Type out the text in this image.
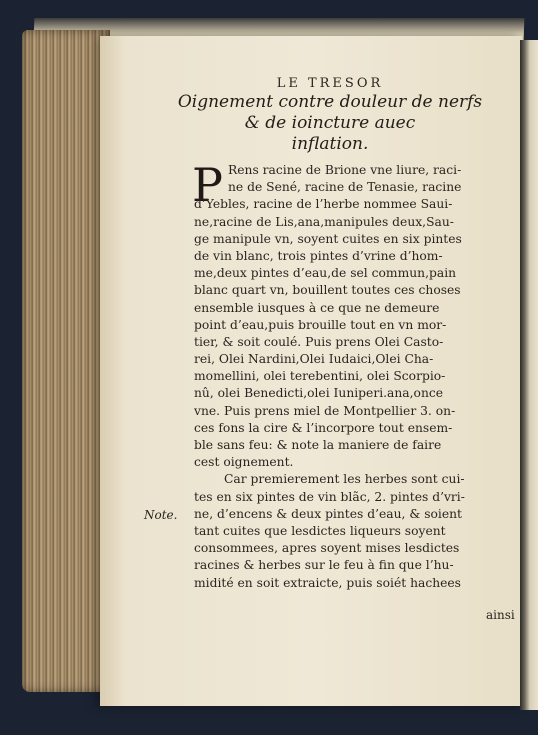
LE TRESOR
Oignement contre douleur de nerfs
& de ioincture auec
inflation.
P Rens racine de Brione vne liure, raci-
ne de Sené, racine de Tenasie, racine
d’Yebles, racine de l’herbe nommee Saui-
ne,racine de Lis,ana,manipules deux,Sau-
ge manipule vn, soyent cuites en six pintes
de vin blanc, trois pintes d’vrine d’hom-
me,deux pintes d’eau,de sel commun,pain
blanc quart vn, bouillent toutes ces choses
ensemble iusques à ce que ne demeure
point d’eau,puis brouille tout en vn mor-
tier, & soit coulé. Puis prens Olei Casto-
rei, Olei Nardini,Olei Iudaici,Olei Cha-
momellini, olei terebentini, olei Scorpio-
nû, olei Benedicti,olei Iuniperi.ana,once
vne. Puis prens miel de Montpellier 3. on-
ces fons la cire & l’incorpore tout ensem-
ble sans feu: & note la maniere de faire
cest oignement.
Car premierement les herbes sont cui-
tes en six pintes de vin blãc, 2. pintes d’vri-
ne, d’encens & deux pintes d’eau, & soient
tant cuites que lesdictes liqueurs soyent
consommees, apres soyent mises lesdictes
racines & herbes sur le feu à fin que l’hu-
midité en soit extraicte, puis soiét hachees
Note.
ainsi
